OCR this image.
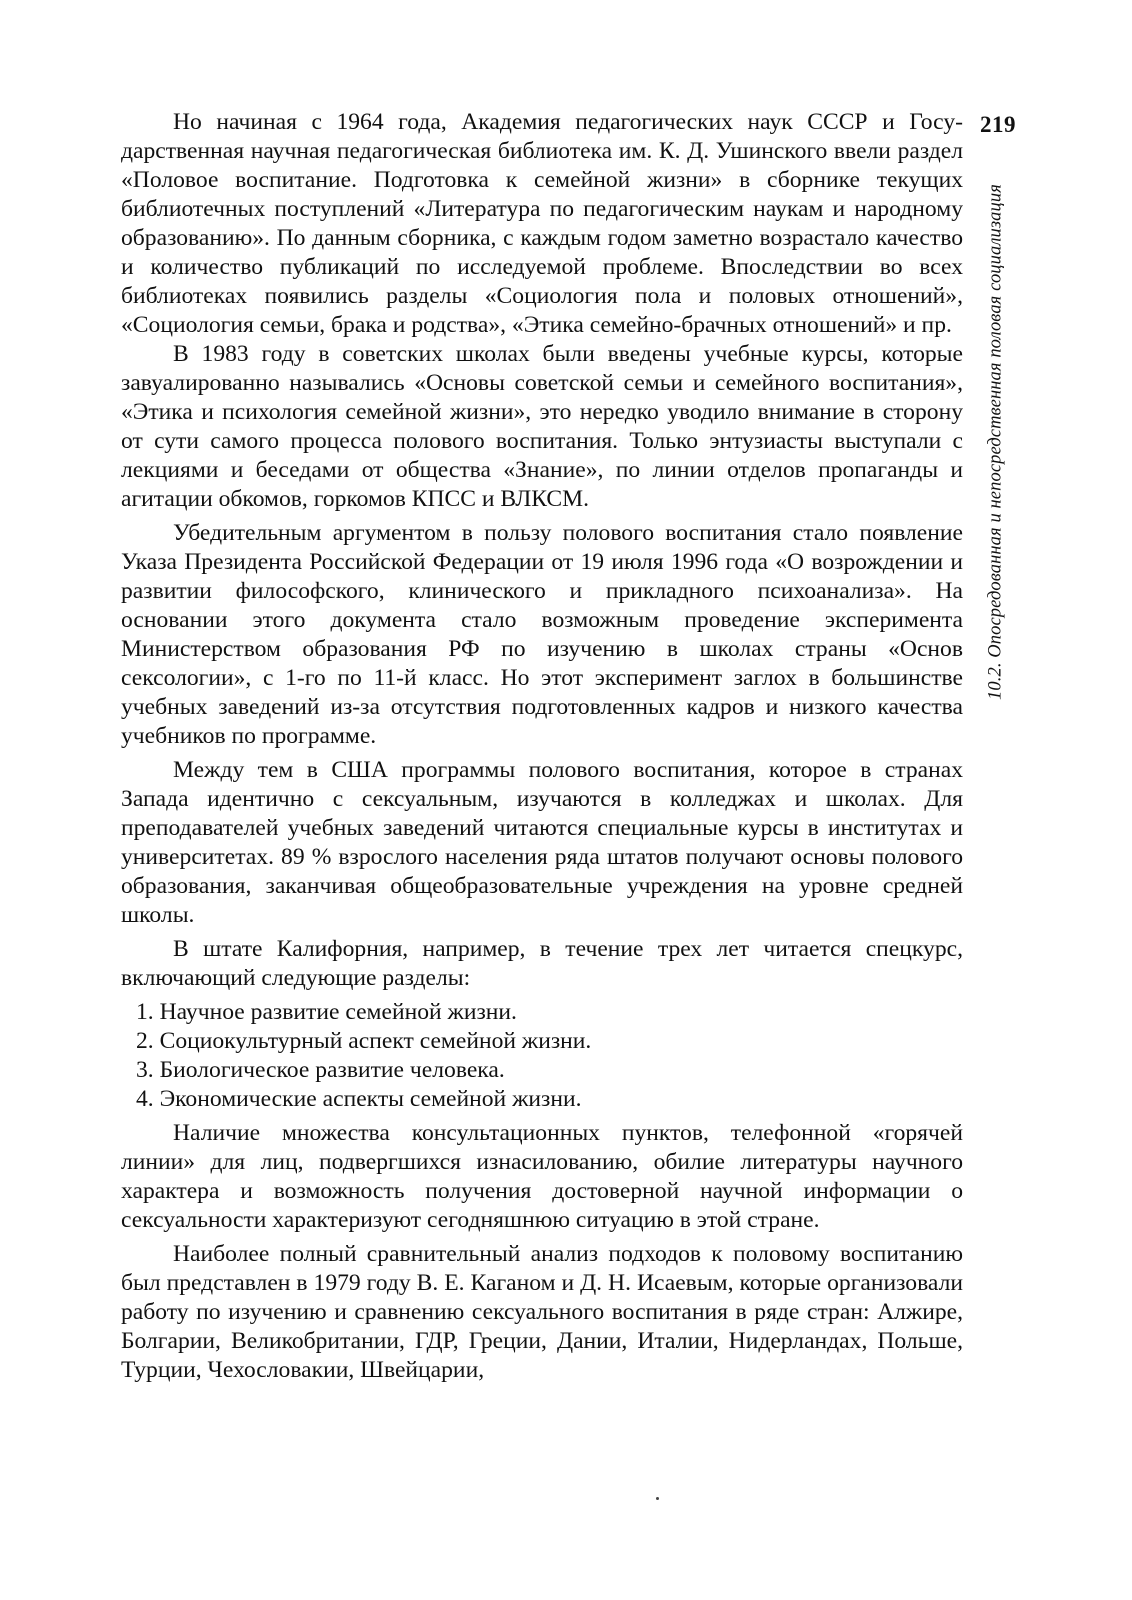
219
10.2. Опосредованная и непосредственная половая социализация

Но начиная с 1964 года, Академия педагогических наук СССР и Государственная научная педагогическая библиотека им. К. Д. Ушинского ввели раздел «Половое воспитание. Подготовка к семейной жизни» в сборнике текущих библиотечных поступлений «Литература по педагогическим наукам и народному образованию». По данным сборника, с каждым годом заметно возрастало качество и количество публикаций по исследуемой проблеме. Впоследствии во всех библиотеках появились разделы «Социология пола и половых отношений», «Социология семьи, брака и родства», «Этика семейно-брачных отношений» и пр.

В 1983 году в советских школах были введены учебные курсы, которые завуалированно назывались «Основы советской семьи и семейного воспитания», «Этика и психология семейной жизни», это нередко уводило внимание в сторону от сути самого процесса полового воспитания. Только энтузиасты выступали с лекциями и беседами от общества «Знание», по линии отделов пропаганды и агитации обкомов, горкомов КПСС и ВЛКСМ.

Убедительным аргументом в пользу полового воспитания стало появление Указа Президента Российской Федерации от 19 июля 1996 года «О возрождении и развитии философского, клинического и прикладного психоанализа». На основании этого документа стало возможным проведение эксперимента Министерством образования РФ по изучению в школах страны «Основ сексологии», с 1-го по 11-й класс. Но этот эксперимент заглох в большинстве учебных заведений из-за отсутствия подготовленных кадров и низкого качества учебников по программе.

Между тем в США программы полового воспитания, которое в странах Запада идентично с сексуальным, изучаются в колледжах и школах. Для преподавателей учебных заведений читаются специальные курсы в институтах и университетах. 89 % взрослого населения ряда штатов получают основы полового образования, заканчивая общеобразовательные учреждения на уровне средней школы.

В штате Калифорния, например, в течение трех лет читается спецкурс, включающий следующие разделы:

1. Научное развитие семейной жизни.
2. Социокультурный аспект семейной жизни.
3. Биологическое развитие человека.
4. Экономические аспекты семейной жизни.

Наличие множества консультационных пунктов, телефонной «горячей линии» для лиц, подвергшихся изнасилованию, обилие литературы научного характера и возможность получения достоверной научной информации о сексуальности характеризуют сегодняшнюю ситуацию в этой стране.

Наиболее полный сравнительный анализ подходов к половому воспитанию был представлен в 1979 году В. Е. Каганом и Д. Н. Исаевым, которые организовали работу по изучению и сравнению сексуального воспитания в ряде стран: Алжире, Болгарии, Великобритании, ГДР, Греции, Дании, Италии, Нидерландах, Польше, Турции, Чехословакии, Швейцарии,
